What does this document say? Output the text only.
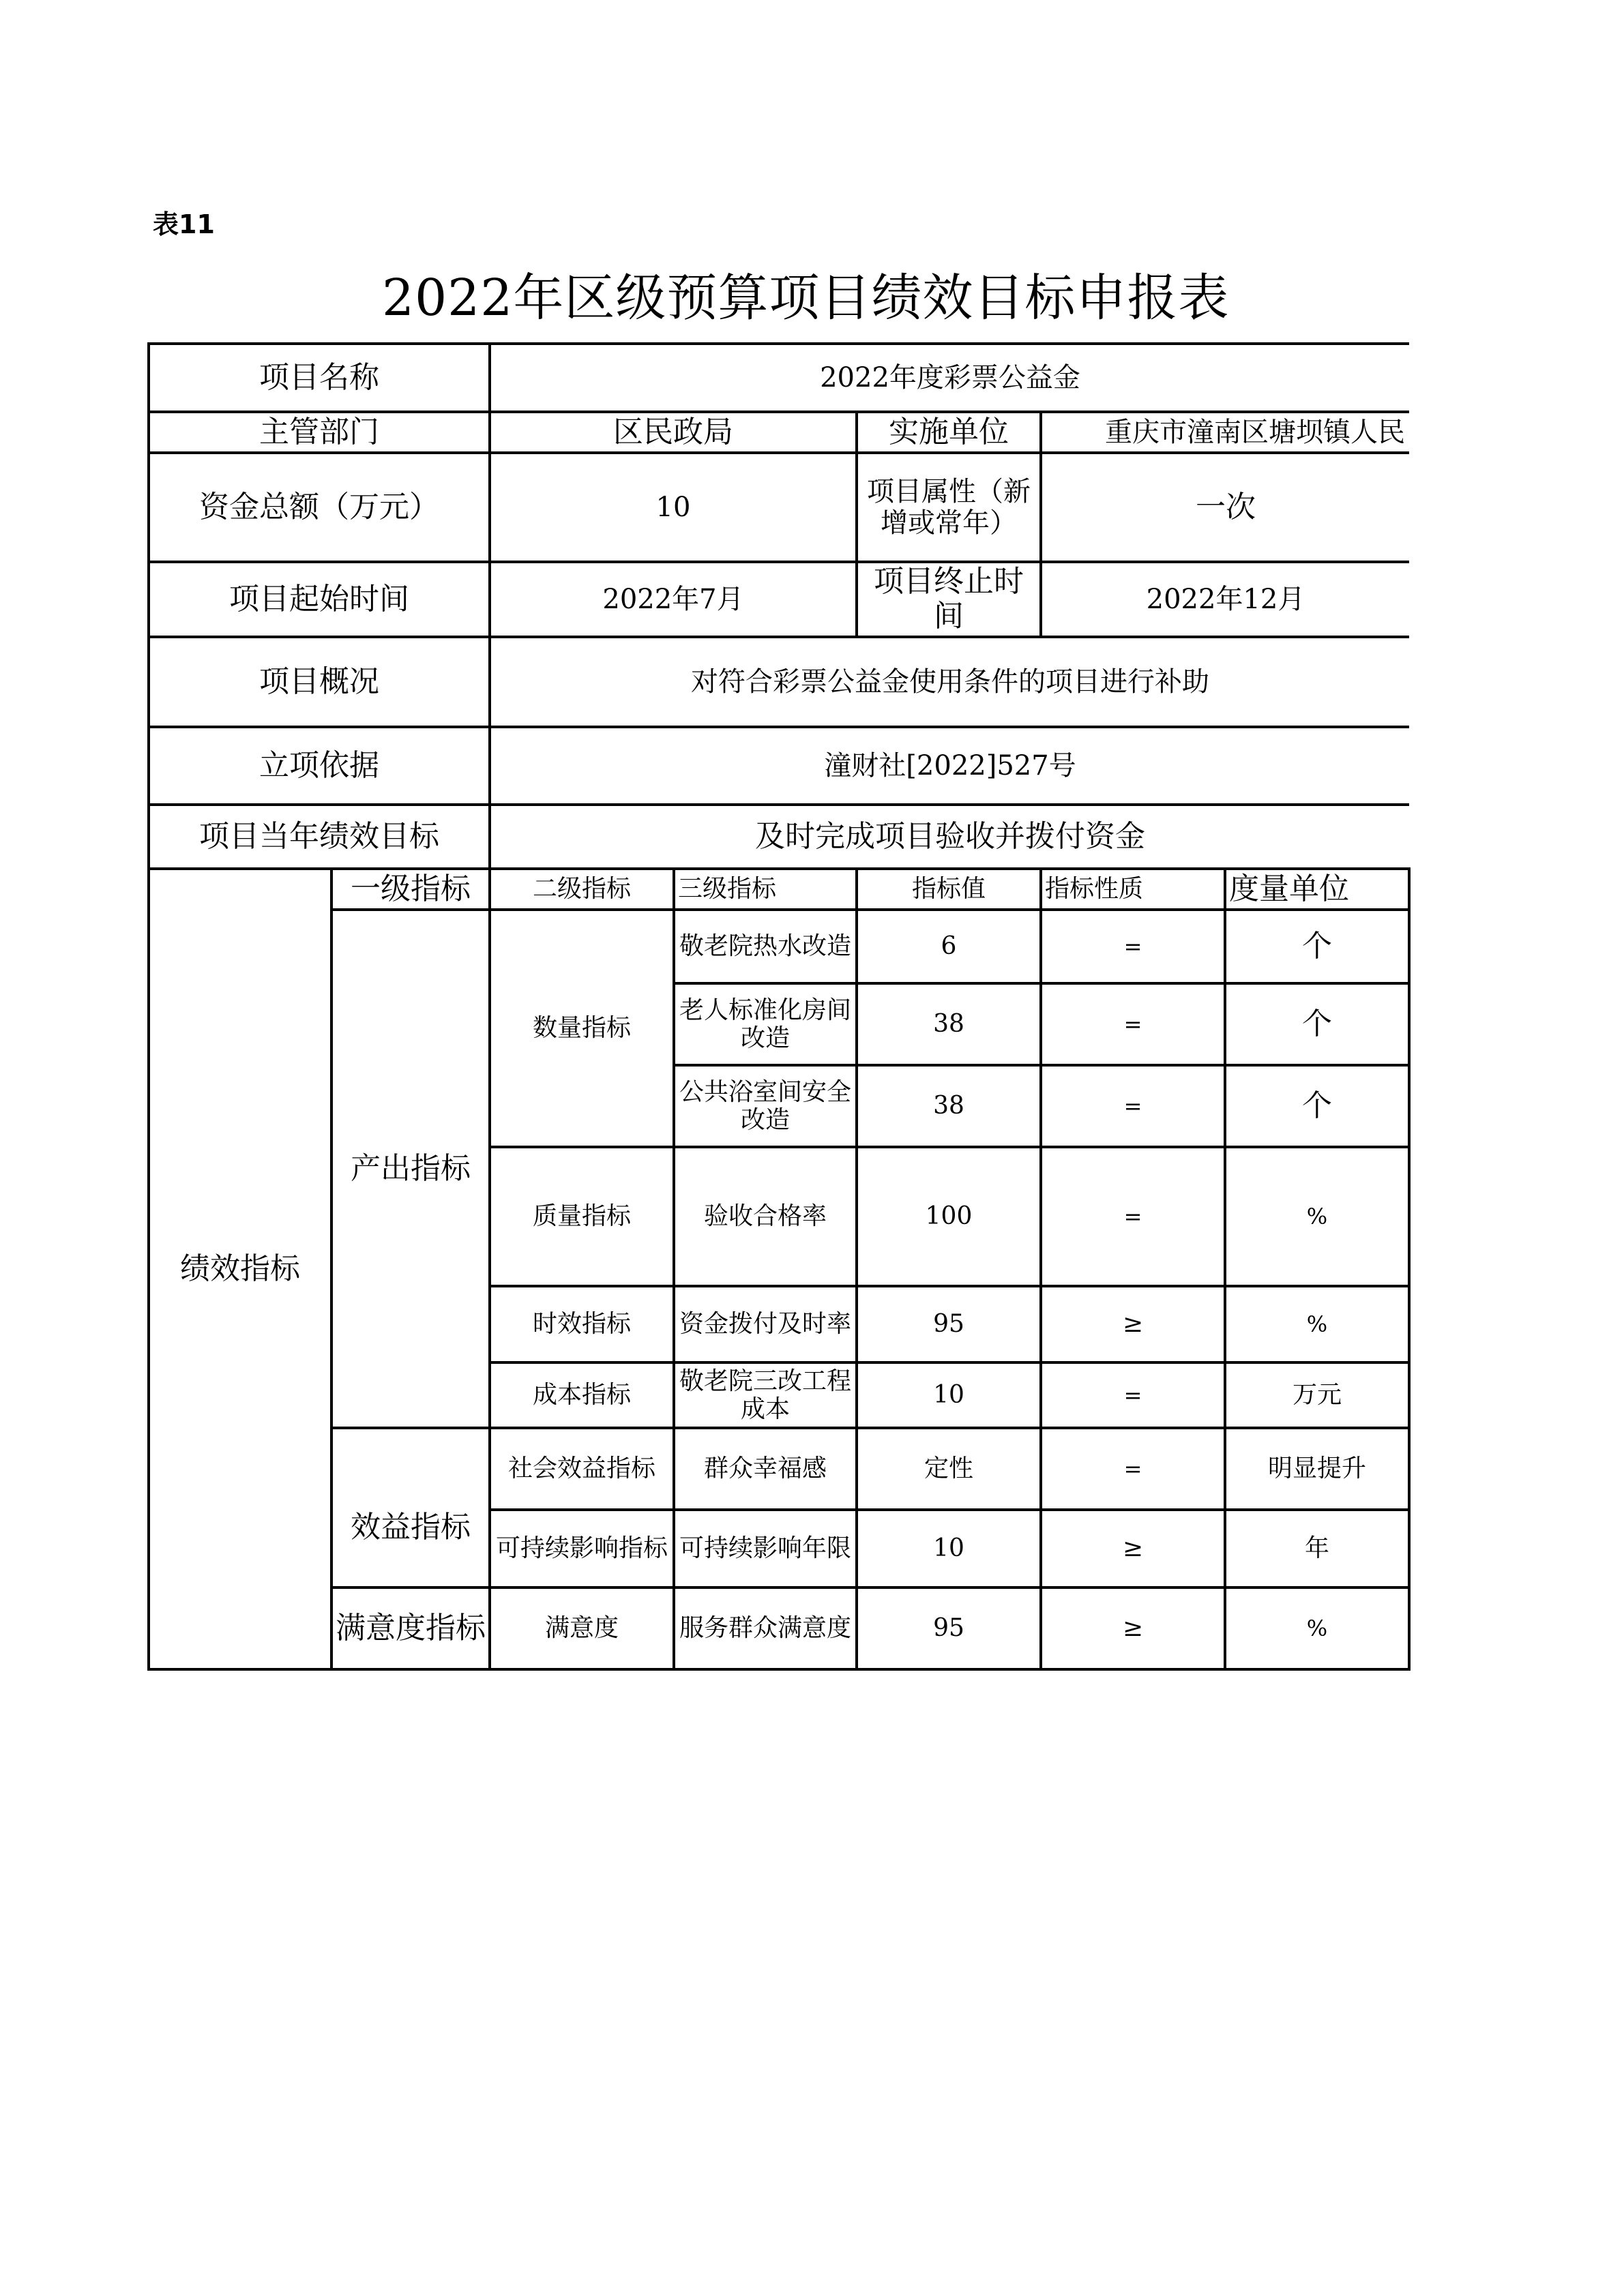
表11
2022年区级预算项目绩效目标申报表
项目名称		2022年度彩票公益金				
主管部门		区民政局		实施单位	重庆市潼南区塘坝镇人民	
资金总额（万元）		10		项目属性（新增或常年）	一次	
项目起始时间		2022年7月		项目终止时间	2022年12月	
项目概况		对符合彩票公益金使用条件的项目进行补助				
立项依据		潼财社[2022]527号				
项目当年绩效目标		及时完成项目验收并拨付资金				
绩效指标	一级指标	二级指标	三级指标	指标值	指标性质	度量单位
	产出指标	数量指标	敬老院热水改造	6	=	个
			老人标准化房间改造	38	=	个
			公共浴室间安全改造	38	=	个
		质量指标	验收合格率	100	=	%
		时效指标	资金拨付及时率	95	≥	%
		成本指标	敬老院三改工程成本	10	=	万元
	效益指标	社会效益指标	群众幸福感	定性	=	明显提升
		可持续影响指标	可持续影响年限	10	≥	年
	满意度指标	满意度	服务群众满意度	95	≥	%
